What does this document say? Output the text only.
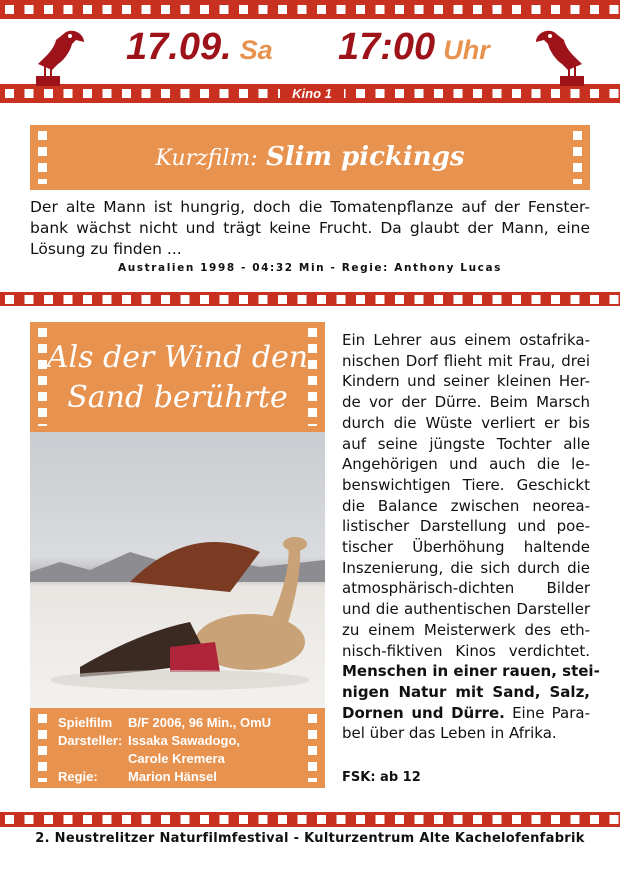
Kino 1
17.09. Sa 17:00 Uhr
Kurzfilm: Slim pickings
Der alte Mann ist hungrig, doch die Tomatenpflanze auf der Fenster-
bank wächst nicht und trägt keine Frucht. Da glaubt der Mann, eine
Lösung zu finden ...
Australien 1998 - 04:32 Min - Regie: Anthony Lucas
Als der Wind den
Sand berührte
Spielfilm	B/F 2006, 96 Min., OmU
Darsteller: Issaka Sawadogo,
Carole Kremera
Regie:	Marion Hänsel
Ein Lehrer aus einem ostafrika-
nischen Dorf flieht mit Frau, drei
Kindern und seiner kleinen Her-
de vor der Dürre. Beim Marsch
durch die Wüste verliert er bis
auf seine jüngste Tochter alle
Angehörigen und auch die le-
benswichtigen Tiere. Geschickt
die Balance zwischen neorea-
listischer Darstellung und poe-
tischer Überhöhung haltende
Inszenierung, die sich durch die
atmosphärisch-dichten Bilder
und die authentischen Darsteller
zu einem Meisterwerk des eth-
nisch-fiktiven Kinos verdichtet.
Menschen in einer rauen, stei-
nigen Natur mit Sand, Salz,
Dornen und Dürre. Eine Para-
bel über das Leben in Afrika.
FSK: ab 12
2. Neustrelitzer Naturfilmfestival - Kulturzentrum Alte Kachelofenfabrik
